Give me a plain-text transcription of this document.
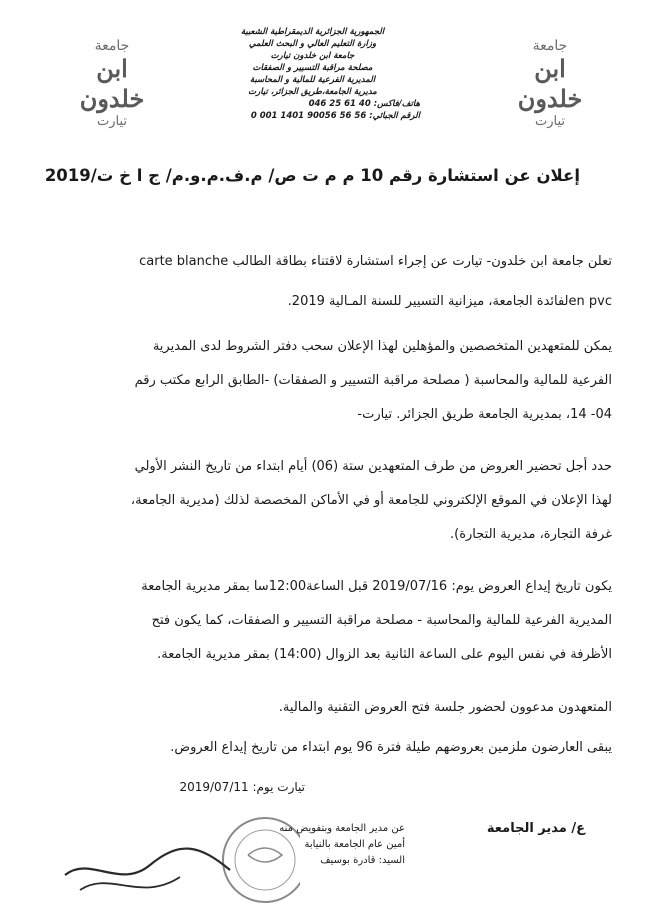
جامعة
ابن خلدون
تيارت
جامعة
ابن خلدون
تيارت
الجمهورية الجزائرية الديمقراطية الشعبية
وزارة التعليم العالي و البحث العلمي
جامعة ابن خلدون تيارت
مصلحة مراقبة التسيير و الصفقات
المديرية الفرعية للمالية و المحاسبة
مديرية الجامعة،طريق الجزائر، تيارت
هاتف/فاكس: 40 61 25 046
الرقم الجبائي: 56 56 90056 1401 001 0
إعلان عن استشارة رقم 10 م م ت ص/ م.ف.م.و.م/ ج ا خ ت/2019
تعلن جامعة ابن خلدون- تيارت عن إجراء استشارة لاقتناء بطاقة الطالب carte blanche
en pvcلفائدة الجامعة، ميزانية التسيير للسنة المـالية 2019.
يمكن للمتعهدين المتخصصين والمؤهلين لهذا الإعلان سحب دفتر الشروط لدى المديرية
الفرعية للمالية والمحاسبة ( مصلحة مراقبة التسيير و الصفقات) -الطابق الرابع مكتب رقم
04- 14، بمديرية الجامعة طريق الجزائر. تيارت-
حدد أجل تحضير العروض من طرف المتعهدين ستة (06) أيام ابتداء من تاريخ النشر الأولي
لهذا الإعلان في الموقع الإلكتروني للجامعة أو في الأماكن المخصصة لذلك (مديرية الجامعة،
غرفة التجارة، مديرية التجارة).
يكون تاريخ إيداع العروض يوم: 2019/07/16 قبل الساعة12:00سا بمقر مديرية الجامعة
المديرية الفرعية للمالية والمحاسبة - مصلحة مراقبة التسيير و الصفقات، كما يكون فتح
الأظرفة في نفس اليوم على الساعة الثانية بعد الزوال (14:00) بمقر مديرية الجامعة.
المتعهدون مدعوون لحضور جلسة فتح العروض التقنية والمالية.
يبقى العارضون ملزمين بعروضهم طيلة فترة 96 يوم ابتداء من تاريخ إيداع العروض.
تيارت يوم: 2019/07/11
ع/ مدير الجامعة
عن مدير الجامعة وبتفويض منه
أمين عام الجامعة بالنيابة
السيد: قادرة بوسيف
